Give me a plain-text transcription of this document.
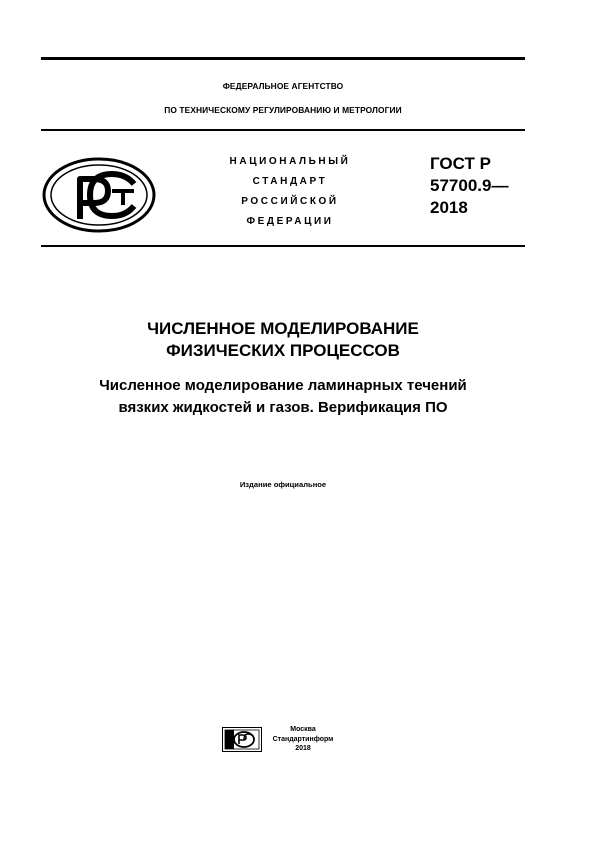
ФЕДЕРАЛЬНОЕ АГЕНТСТВО
ПО ТЕХНИЧЕСКОМУ РЕГУЛИРОВАНИЮ И МЕТРОЛОГИИ
НАЦИОНАЛЬНЫЙ
СТАНДАРТ
РОССИЙСКОЙ
ФЕДЕРАЦИИ
ГОСТ Р
57700.9—
2018
ЧИСЛЕННОЕ МОДЕЛИРОВАНИЕ
ФИЗИЧЕСКИХ ПРОЦЕССОВ
Численное моделирование ламинарных течений
вязких жидкостей и газов. Верификация ПО
Издание официальное
Москва
Стандартинформ
2018
